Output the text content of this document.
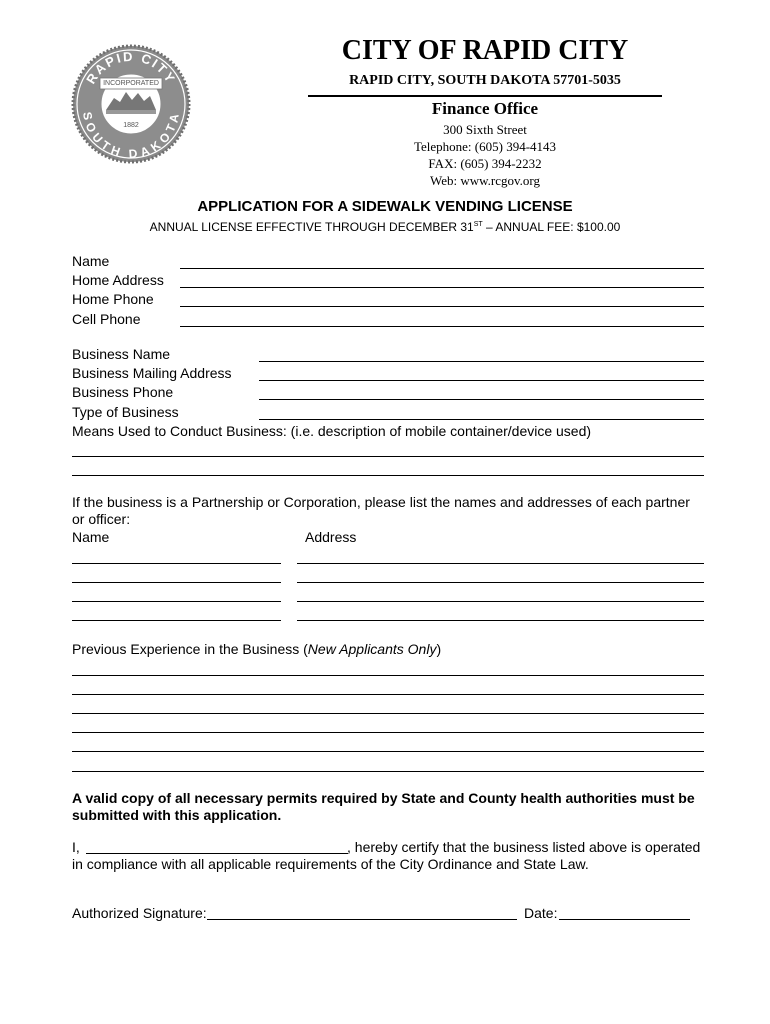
INCORPORATED
1882
RAPID CITY
SOUTH DAKOTA
CITY OF RAPID CITY
RAPID CITY, SOUTH DAKOTA 57701-5035
Finance Office
300 Sixth Street
Telephone: (605) 394-4143
FAX: (605) 394-2232
Web: www.rcgov.org
APPLICATION FOR A SIDEWALK VENDING LICENSE
ANNUAL LICENSE EFFECTIVE THROUGH DECEMBER 31ST – ANNUAL FEE: $100.00
Name
Home Address
Home Phone
Cell Phone
Business Name
Business Mailing Address
Business Phone
Type of Business
Means Used to Conduct Business: (i.e. description of mobile container/device used)
If the business is a Partnership or Corporation, please list the names and addresses of each partner
or officer:
Name	Address
Previous Experience in the Business (New Applicants Only)
A valid copy of all necessary permits required by State and County health authorities must be
submitted with this application.
I,	, hereby certify that the business listed above is operated
in compliance with all applicable requirements of the City Ordinance and State Law.
Authorized Signature:	Date:
